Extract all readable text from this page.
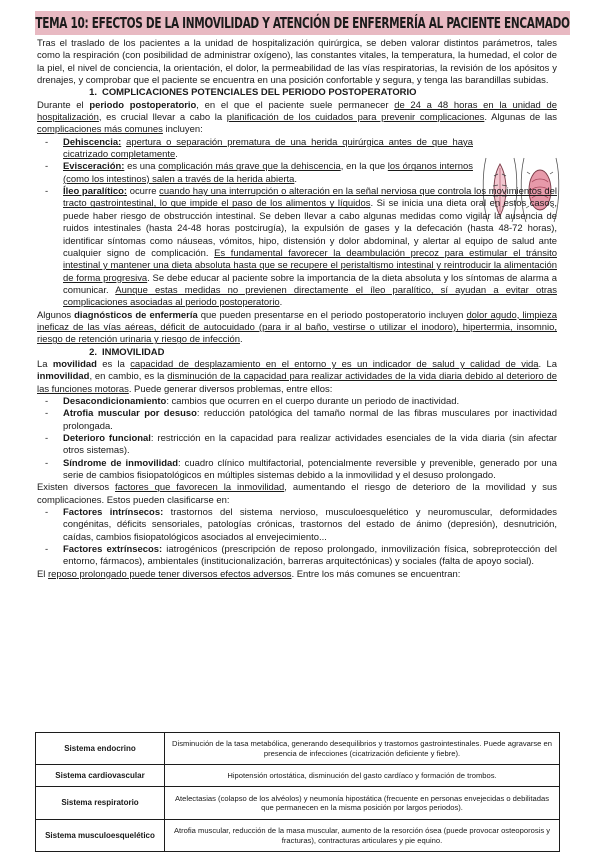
TEMA 10: EFECTOS DE LA INMOVILIDAD Y ATENCIÓN DE ENFERMERÍA AL PACIENTE ENCAMADO

Tras el traslado de los pacientes a la unidad de hospitalización quirúrgica, se deben valorar distintos parámetros, tales como la respiración (con posibilidad de administrar oxígeno), las constantes vitales, la temperatura, la humedad, el color de la piel, el nivel de conciencia, la orientación, el dolor, la permeabilidad de las vías respiratorias, la revisión de los apósitos y drenajes, y comprobar que el paciente se encuentra en una posición confortable y segura, y tenga las barandillas subidas.

1. COMPLICACIONES POTENCIALES DEL PERIODO POSTOPERATORIO

Durante el periodo postoperatorio, en el que el paciente suele permanecer de 24 a 48 horas en la unidad de hospitalización, es crucial llevar a cabo la planificación de los cuidados para prevenir complicaciones. Algunas de las complicaciones más comunes incluyen:

- Dehiscencia: apertura o separación prematura de una herida quirúrgica antes de que haya cicatrizado completamente.
- Evisceración: es una complicación más grave que la dehiscencia, en la que los órganos internos (como los intestinos) salen a través de la herida abierta.
- Íleo paralítico: ocurre cuando hay una interrupción o alteración en la señal nerviosa que controla los movimientos del tracto gastrointestinal, lo que impide el paso de los alimentos y líquidos. Si se inicia una dieta oral en estos casos, puede haber riesgo de obstrucción intestinal. Se deben llevar a cabo algunas medidas como vigilar la ausencia de ruidos intestinales (hasta 24-48 horas postcirugía), la expulsión de gases y la defecación (hasta 48-72 horas), identificar síntomas como náuseas, vómitos, hipo, distensión y dolor abdominal, y alertar al equipo de salud ante cualquier signo de complicación. Es fundamental favorecer la deambulación precoz para estimular el tránsito intestinal y mantener una dieta absoluta hasta que se recupere el peristaltismo intestinal y reintroducir la alimentación de forma progresiva. Se debe educar al paciente sobre la importancia de la dieta absoluta y los síntomas de alarma a comunicar. Aunque estas medidas no previenen directamente el íleo paralítico, sí ayudan a evitar otras complicaciones asociadas al periodo postoperatorio.

Algunos diagnósticos de enfermería que pueden presentarse en el periodo postoperatorio incluyen dolor agudo, limpieza ineficaz de las vías aéreas, déficit de autocuidado (para ir al baño, vestirse o utilizar el inodoro), hipertermia, insomnio, riesgo de retención urinaria y riesgo de infección.

2. INMOVILIDAD

La movilidad es la capacidad de desplazamiento en el entorno y es un indicador de salud y calidad de vida. La inmovilidad, en cambio, es la disminución de la capacidad para realizar actividades de la vida diaria debido al deterioro de las funciones motoras. Puede generar diversos problemas, entre ellos:

- Desacondicionamiento: cambios que ocurren en el cuerpo durante un periodo de inactividad.
- Atrofia muscular por desuso: reducción patológica del tamaño normal de las fibras musculares por inactividad prolongada.
- Deterioro funcional: restricción en la capacidad para realizar actividades esenciales de la vida diaria (sin afectar otros sistemas).
- Síndrome de inmovilidad: cuadro clínico multifactorial, potencialmente reversible y prevenible, generado por una serie de cambios fisiopatológicos en múltiples sistemas debido a la inmovilidad y el desuso prolongado.

Existen diversos factores que favorecen la inmovilidad, aumentando el riesgo de deterioro de la movilidad y sus complicaciones. Estos pueden clasificarse en:

- Factores intrínsecos: trastornos del sistema nervioso, musculoesquelético y neuromuscular, deformidades congénitas, déficits sensoriales, patologías crónicas, trastornos del estado de ánimo (depresión), desnutrición, caídas, cambios fisiopatológicos asociados al envejecimiento...
- Factores extrínsecos: iatrogénicos (prescripción de reposo prolongado, inmovilización física, sobreprotección del entorno, fármacos), ambientales (institucionalización, barreras arquitectónicas) y sociales (falta de apoyo social).

El reposo prolongado puede tener diversos efectos adversos. Entre los más comunes se encuentran:

Sistema endocrino	Disminución de la tasa metabólica, generando desequilibrios y trastornos gastrointestinales. Puede agravarse en presencia de infecciones (cicatrización deficiente y fiebre).
Sistema cardiovascular	Hipotensión ortostática, disminución del gasto cardíaco y formación de trombos.
Sistema respiratorio	Atelectasias (colapso de los alvéolos) y neumonía hipostática (frecuente en personas envejecidas o debilitadas que permanecen en la misma posición por largos periodos).
Sistema musculoesquelético	Atrofia muscular, reducción de la masa muscular, aumento de la resorción ósea (puede provocar osteoporosis y fracturas), contracturas articulares y pie equino.
